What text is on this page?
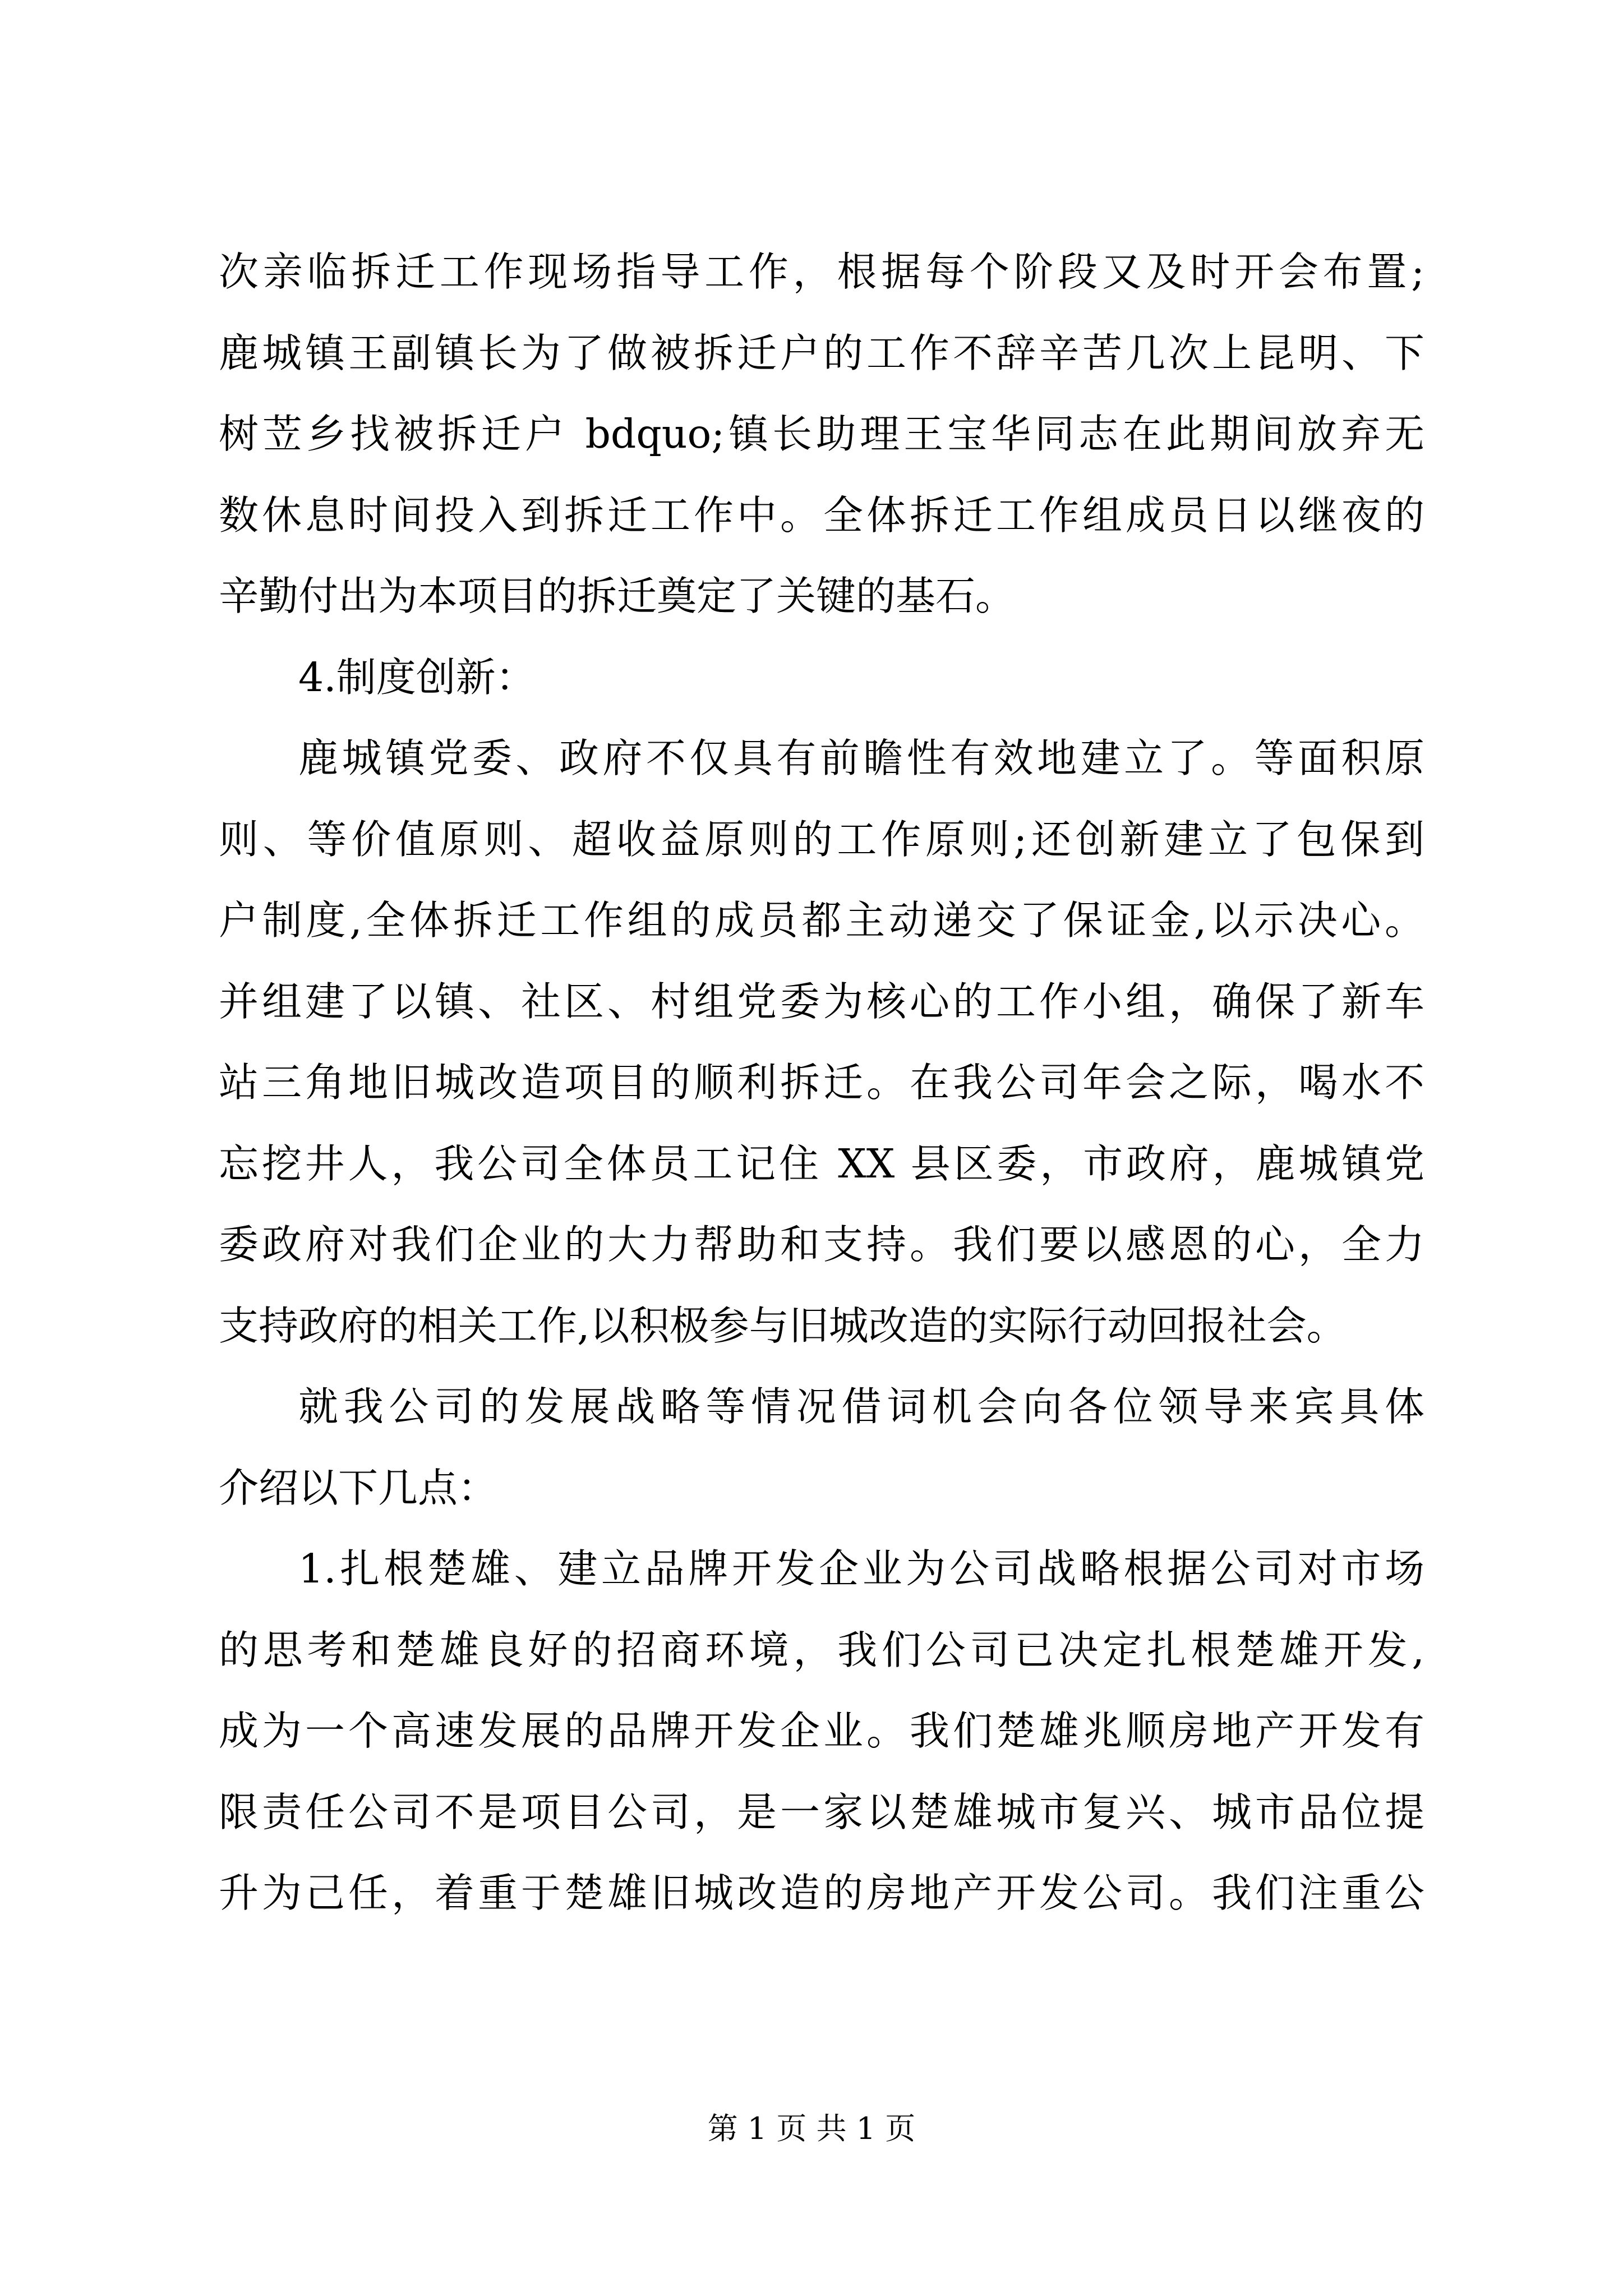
次亲临拆迁工作现场指导工作，根据每个阶段又及时开会布置;
鹿城镇王副镇长为了做被拆迁户的工作不辞辛苦几次上昆明、下
树苙乡找被拆迁户 bdquo;镇长助理王宝华同志在此期间放弃无
数休息时间投入到拆迁工作中。全体拆迁工作组成员日以继夜的
辛勤付出为本项目的拆迁奠定了关键的基石。
4.制度创新：
鹿城镇党委、政府不仅具有前瞻性有效地建立了。等面积原
则、等价值原则、超收益原则的工作原则;还创新建立了包保到
户制度,全体拆迁工作组的成员都主动递交了保证金,以示决心。
并组建了以镇、社区、村组党委为核心的工作小组，确保了新车
站三角地旧城改造项目的顺利拆迁。在我公司年会之际，喝水不
忘挖井人，我公司全体员工记住 XX 县区委，市政府，鹿城镇党
委政府对我们企业的大力帮助和支持。我们要以感恩的心，全力
支持政府的相关工作,以积极参与旧城改造的实际行动回报社会。
就我公司的发展战略等情况借词机会向各位领导来宾具体
介绍以下几点：
1.扎根楚雄、建立品牌开发企业为公司战略根据公司对市场
的思考和楚雄良好的招商环境，我们公司已决定扎根楚雄开发,
成为一个高速发展的品牌开发企业。我们楚雄兆顺房地产开发有
限责任公司不是项目公司，是一家以楚雄城市复兴、城市品位提
升为己任，着重于楚雄旧城改造的房地产开发公司。我们注重公
第 1 页 共 1 页
